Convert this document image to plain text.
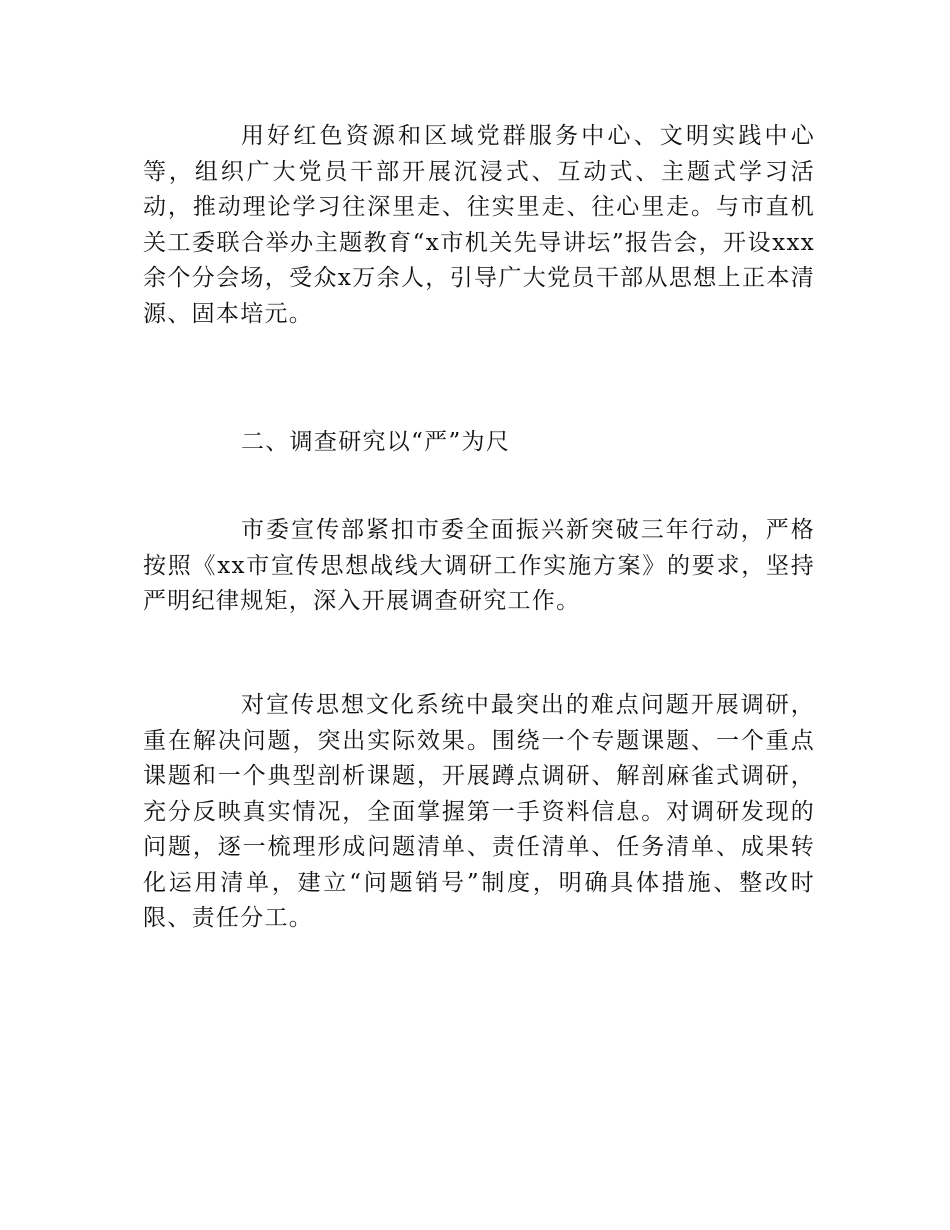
用好红色资源和区域党群服务中心、文明实践中心等，组织广大党员干部开展沉浸式、互动式、主题式学习活动，推动理论学习往深里走、往实里走、往心里走。与市直机关工委联合举办主题教育“x市机关先导讲坛”报告会，开设xxx余个分会场，受众x万余人，引导广大党员干部从思想上正本清源、固本培元。

二、调查研究以“严”为尺

市委宣传部紧扣市委全面振兴新突破三年行动，严格按照《xx市宣传思想战线大调研工作实施方案》的要求，坚持严明纪律规矩，深入开展调查研究工作。

对宣传思想文化系统中最突出的难点问题开展调研，重在解决问题，突出实际效果。围绕一个专题课题、一个重点课题和一个典型剖析课题，开展蹲点调研、解剖麻雀式调研，充分反映真实情况，全面掌握第一手资料信息。对调研发现的问题，逐一梳理形成问题清单、责任清单、任务清单、成果转化运用清单，建立“问题销号”制度，明确具体措施、整改时限、责任分工。
